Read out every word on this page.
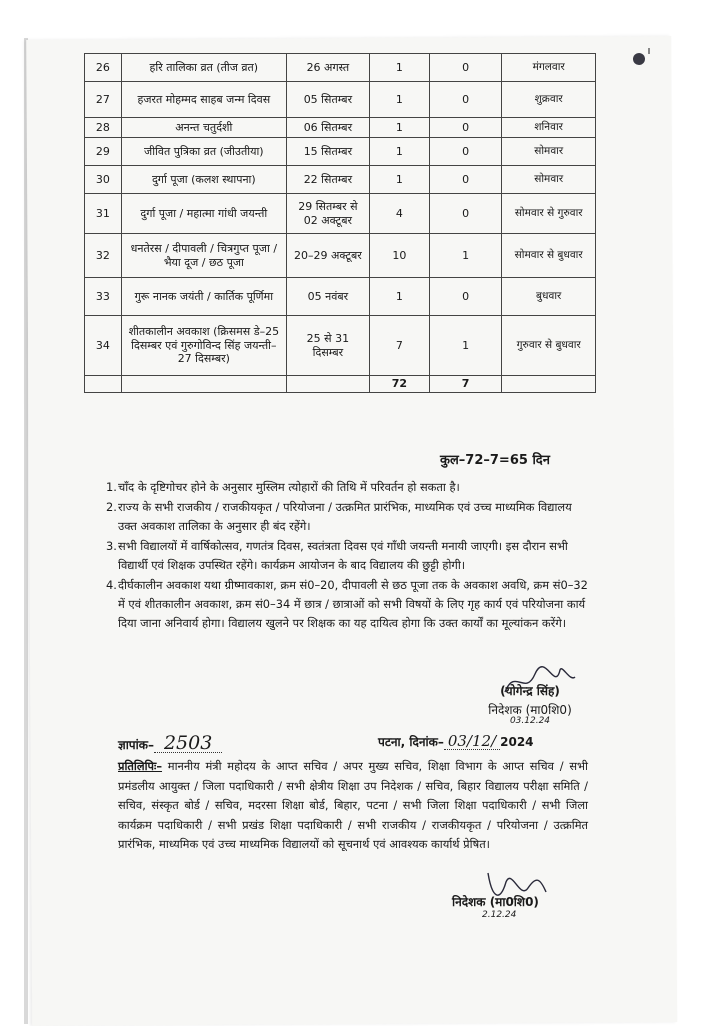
26	हरि तालिका व्रत (तीज व्रत)	26 अगस्त	1	0	मंगलवार
27	हजरत मोहम्मद साहब जन्म दिवस	05 सितम्बर	1	0	शुक्रवार
28	अनन्त चतुर्दशी	06 सितम्बर	1	0	शनिवार
29	जीवित पुत्रिका व्रत (जीउतीया)	15 सितम्बर	1	0	सोमवार
30	दुर्गा पूजा (कलश स्थापना)	22 सितम्बर	1	0	सोमवार
31	दुर्गा पूजा / महात्मा गांधी जयन्ती	29 सितम्बर से 02 अक्टूबर	4	0	सोमवार से गुरुवार
32	धनतेरस / दीपावली / चित्रगुप्त पूजा / भैया दूज / छठ पूजा	20–29 अक्टूबर	10	1	सोमवार से बुधवार
33	गुरू नानक जयंती / कार्तिक पूर्णिमा	05 नवंबर	1	0	बुधवार
34	शीतकालीन अवकाश (क्रिसमस डे–25 दिसम्बर एवं गुरुगोविन्द सिंह जयन्ती–27 दिसम्बर)	25 से 31 दिसम्बर	7	1	गुरुवार से बुधवार
			72	7	
कुल–72–7=65 दिन
1. चाँद के दृष्टिगोचर होने के अनुसार मुस्लिम त्योहारों की तिथि में परिवर्तन हो सकता है।
2. राज्य के सभी राजकीय / राजकीयकृत / परियोजना / उत्क्रमित प्रारंभिक, माध्यमिक एवं उच्च माध्यमिक विद्यालय उक्त अवकाश तालिका के अनुसार ही बंद रहेंगे।
3. सभी विद्यालयों में वार्षिकोत्सव, गणतंत्र दिवस, स्वतंत्रता दिवस एवं गाँधी जयन्ती मनायी जाएगी। इस दौरान सभी विद्यार्थी एवं शिक्षक उपस्थित रहेंगे। कार्यक्रम आयोजन के बाद विद्यालय की छुट्टी होगी।
4. दीर्घकालीन अवकाश यथा ग्रीष्मावकाश, क्रम सं0–20, दीपावली से छठ पूजा तक के अवकाश अवधि, क्रम सं0–32 में एवं शीतकालीन अवकाश, क्रम सं0–34 में छात्र / छात्राओं को सभी विषयों के लिए गृह कार्य एवं परियोजना कार्य दिया जाना अनिवार्य होगा। विद्यालय खुलने पर शिक्षक का यह दायित्व होगा कि उक्त कार्यों का मूल्यांकन करेंगे।
(योगेन्द्र सिंह)
निदेशक (मा0शि0)
03.12.24
ज्ञापांक– 2503	पटना, दिनांक– 03/12/ 2024
प्रतिलिपिः– माननीय मंत्री महोदय के आप्त सचिव / अपर मुख्य सचिव, शिक्षा विभाग के आप्त सचिव / सभी प्रमंडलीय आयुक्त / जिला पदाधिकारी / सभी क्षेत्रीय शिक्षा उप निदेशक / सचिव, बिहार विद्यालय परीक्षा समिति / सचिव, संस्कृत बोर्ड / सचिव, मदरसा शिक्षा बोर्ड, बिहार, पटना / सभी जिला शिक्षा पदाधिकारी / सभी जिला कार्यक्रम पदाधिकारी / सभी प्रखंड शिक्षा पदाधिकारी / सभी राजकीय / राजकीयकृत / परियोजना / उत्क्रमित प्रारंभिक, माध्यमिक एवं उच्च माध्यमिक विद्यालयों को सूचनार्थ एवं आवश्यक कार्यार्थ प्रेषित।
निदेशक (मा0शि0)
2.12.24
